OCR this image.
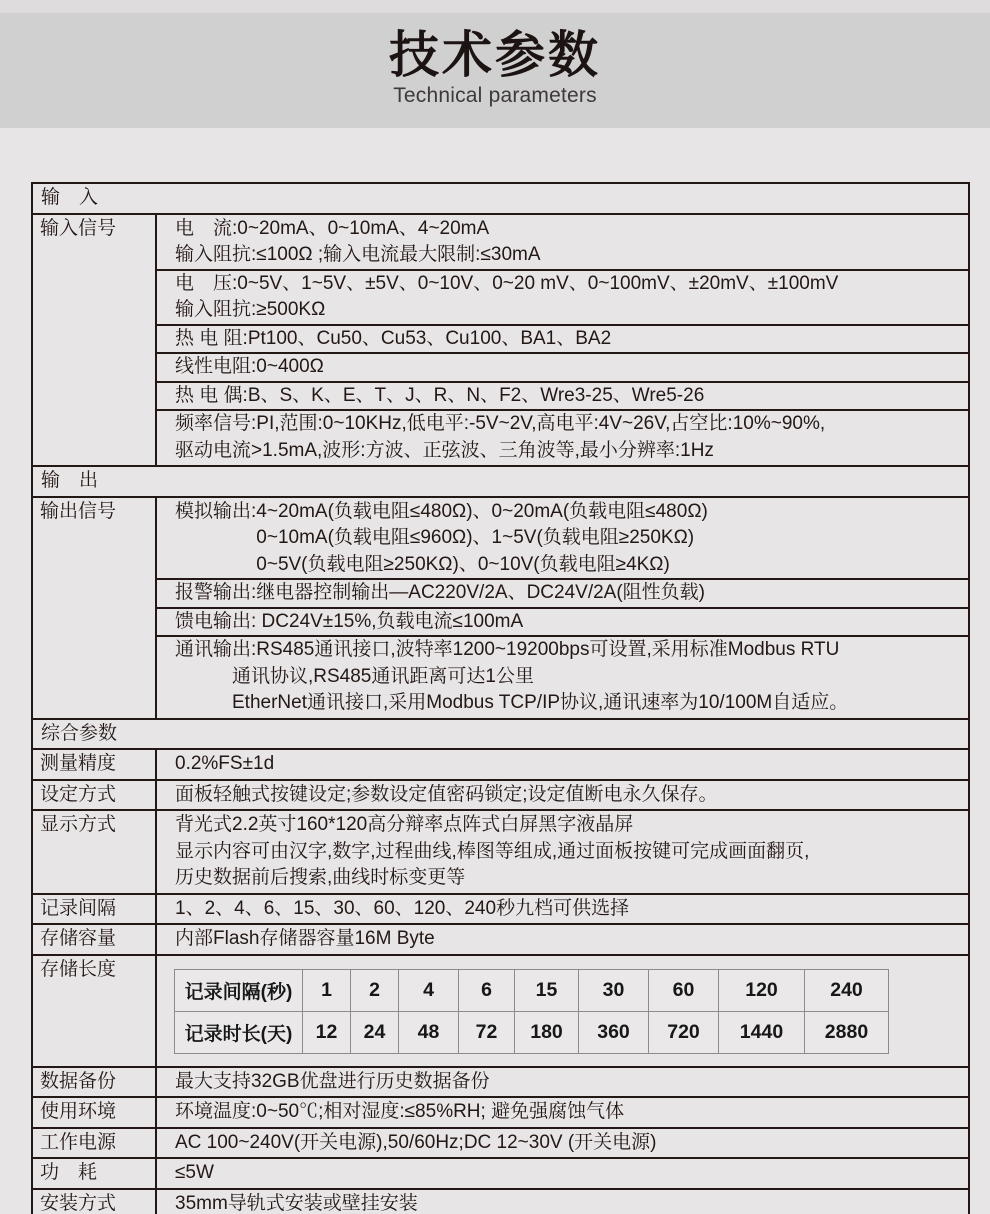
技术参数
Technical parameters
输　入
输入信号	电　流:0~20mA、0~10mA、4~20mA
输入阻抗:≤100Ω ;输入电流最大限制:≤30mA
电　压:0~5V、1~5V、±5V、0~10V、0~20 mV、0~100mV、±20mV、±100mV
输入阻抗:≥500KΩ
热 电 阻:Pt100、Cu50、Cu53、Cu100、BA1、BA2
线性电阻:0~400Ω
热 电 偶:B、S、K、E、T、J、R、N、F2、Wre3-25、Wre5-26
频率信号:PI,范围:0~10KHz,低电平:-5V~2V,高电平:4V~26V,占空比:10%~90%,
驱动电流>1.5mA,波形:方波、正弦波、三角波等,最小分辨率:1Hz
输　出
输出信号	模拟输出:4~20mA(负载电阻≤480Ω)、0~20mA(负载电阻≤480Ω)
　　　　 0~10mA(负载电阻≤960Ω)、1~5V(负载电阻≥250KΩ)
　　　　 0~5V(负载电阻≥250KΩ)、0~10V(负载电阻≥4KΩ)
报警输出:继电器控制输出—AC220V/2A、DC24V/2A(阻性负载)
馈电输出: DC24V±15%,负载电流≤100mA
通讯输出:RS485通讯接口,波特率1200~19200bps可设置,采用标准Modbus RTU
　　　通讯协议,RS485通讯距离可达1公里
　　　EtherNet通讯接口,采用Modbus TCP/IP协议,通讯速率为10/100M自适应。
综合参数
测量精度	0.2%FS±1d
设定方式	面板轻触式按键设定;参数设定值密码锁定;设定值断电永久保存。
显示方式	背光式2.2英寸160*120高分辩率点阵式白屏黑字液晶屏
显示内容可由汉字,数字,过程曲线,棒图等组成,通过面板按键可完成画面翻页,
历史数据前后搜索,曲线时标变更等
记录间隔	1、2、4、6、15、30、60、120、240秒九档可供选择
存储容量	内部Flash存储器容量16M Byte
存储长度
记录间隔(秒)	1	2	4	6	15	30	60	120	240
记录时长(天)	12	24	48	72	180	360	720	1440	2880
数据备份	最大支持32GB优盘进行历史数据备份
使用环境	环境温度:0~50℃;相对湿度:≤85%RH; 避免强腐蚀气体
工作电源	AC 100~240V(开关电源),50/60Hz;DC 12~30V (开关电源)
功　耗	≤5W
安装方式	35mm导轨式安装或壁挂安装
